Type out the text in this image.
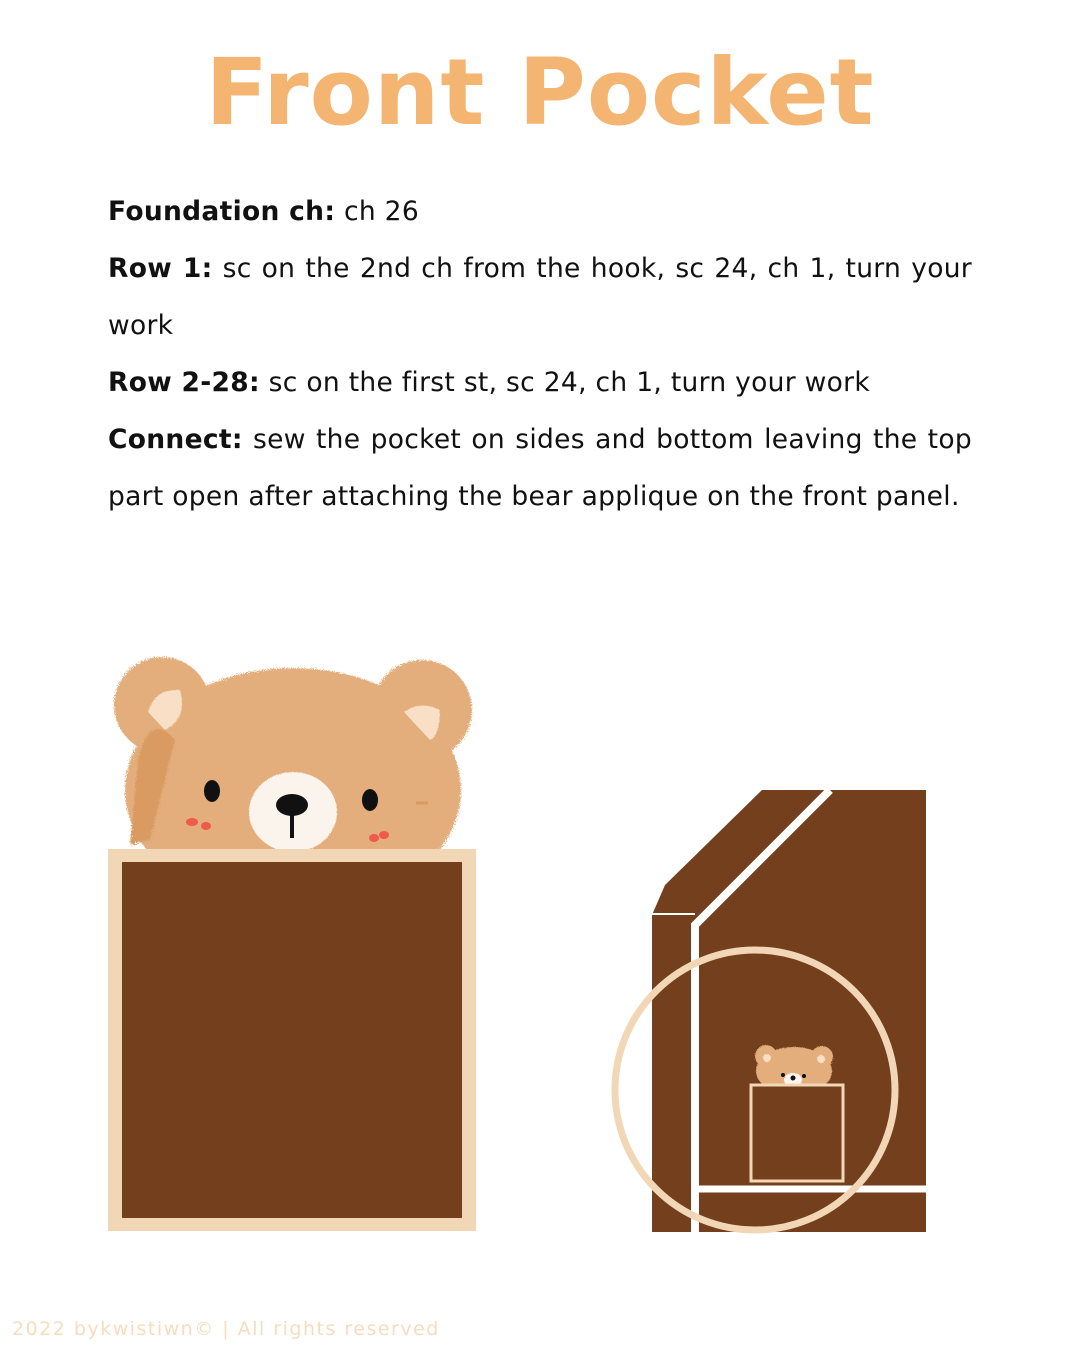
Front Pocket

Foundation ch: ch 26

Row 1: sc on the 2nd ch from the hook, sc 24, ch 1, turn your work

Row 2-28: sc on the first st, sc 24, ch 1, turn your work

Connect: sew the pocket on sides and bottom leaving the top part open after attaching the bear applique on the front panel.

2022 bykwistiwn© | All rights reserved
